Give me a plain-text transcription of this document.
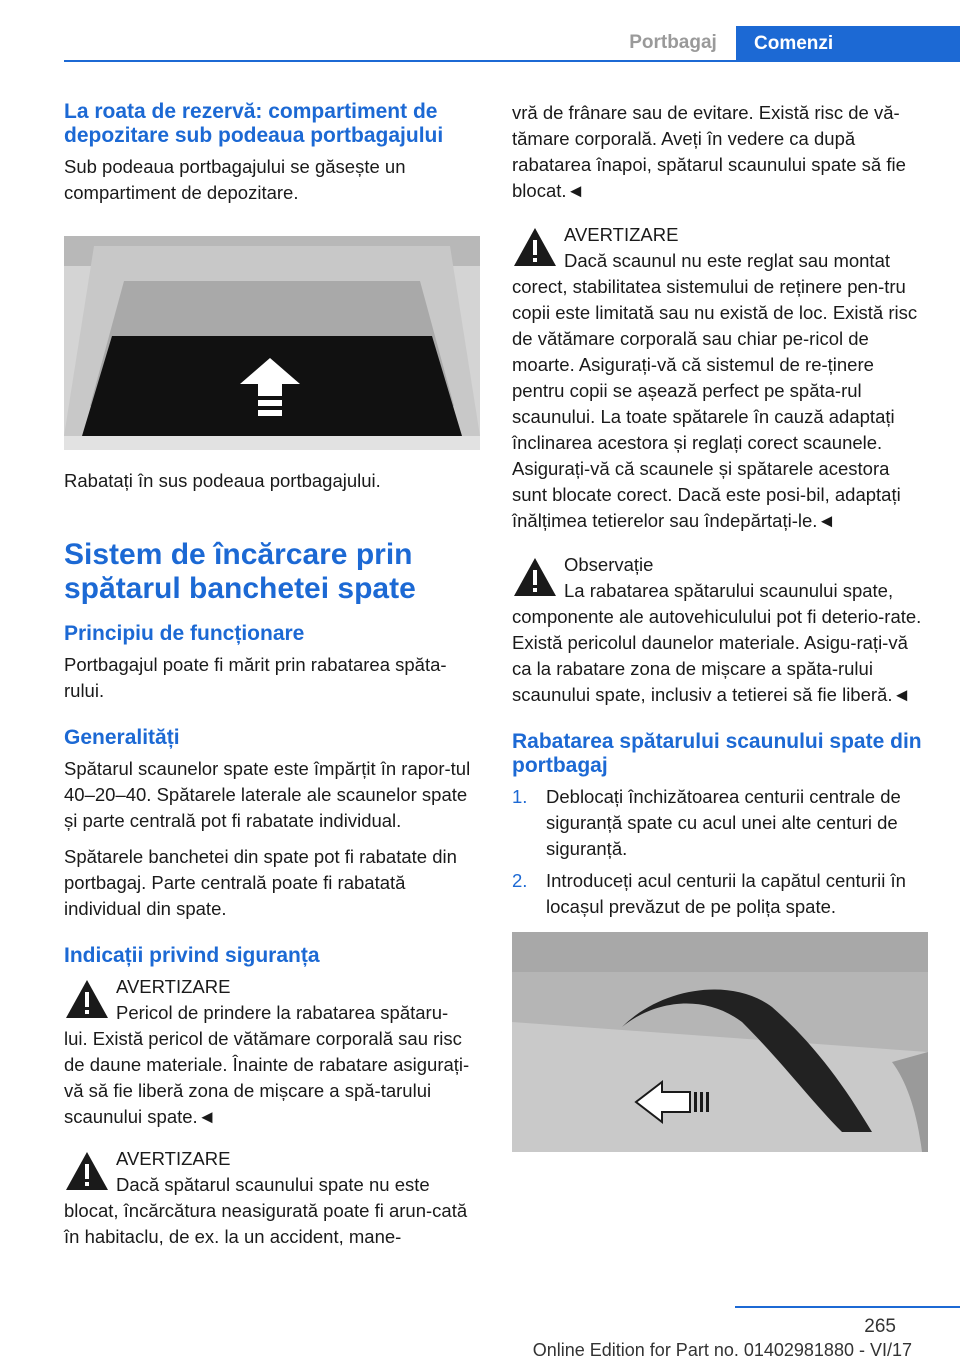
Portbagaj	Comenzi
La roata de rezervă: compartiment de depozitare sub podeaua portbagajului
Sub podeaua portbagajului se găsește un compartiment de depozitare.
Rabatați în sus podeaua portbagajului.
Sistem de încărcare prin spătarul banchetei spate
Principiu de funcționare
Portbagajul poate fi mărit prin rabatarea spăta-rului.
Generalități
Spătarul scaunelor spate este împărțit în rapor-tul 40–20–40. Spătarele laterale ale scaunelor spate și parte centrală pot fi rabatate individual.
Spătarele banchetei din spate pot fi rabatate din portbagaj. Parte centrală poate fi rabatată individual din spate.
Indicații privind siguranța
AVERTIZARE
Pericol de prindere la rabatarea spătaru-
lui. Există pericol de vătămare corporală sau risc de daune materiale. Înainte de rabatare asigurați-vă să fie liberă zona de mișcare a spă-tarului scaunului spate.◄
AVERTIZARE
Dacă spătarul scaunului spate nu este
blocat, încărcătura neasigurată poate fi arun-cată în habitaclu, de ex. la un accident, mane-
vră de frânare sau de evitare. Există risc de vă-tămare corporală. Aveți în vedere ca după rabatarea înapoi, spătarul scaunului spate să fie blocat.◄
AVERTIZARE
Dacă scaunul nu este reglat sau montat
corect, stabilitatea sistemului de reținere pen-tru copii este limitată sau nu există de loc. Există risc de vătămare corporală sau chiar pe-ricol de moarte. Asigurați-vă că sistemul de re-ținere pentru copii se așează perfect pe spăta-rul scaunului. La toate spătarele în cauză adaptați înclinarea acestora și reglați corect scaunele. Asigurați-vă că scaunele și spătarele acestora sunt blocate corect. Dacă este posi-bil, adaptați înălțimea tetierelor sau îndepărtați-le.◄
Observație
La rabatarea spătarului scaunului spate,
componente ale autovehiculului pot fi deterio-rate. Există pericolul daunelor materiale. Asigu-rați-vă ca la rabatare zona de mișcare a spăta-rului scaunului spate, inclusiv a tetierei să fie liberă.◄
Rabatarea spătarului scaunului spate din portbagaj
1.	Deblocați închizătoarea centurii centrale de siguranță spate cu acul unei alte centuri de siguranță.
2.	Introduceți acul centurii la capătul centurii în locașul prevăzut de pe polița spate.
265
Online Edition for Part no. 01402981880 - VI/17
